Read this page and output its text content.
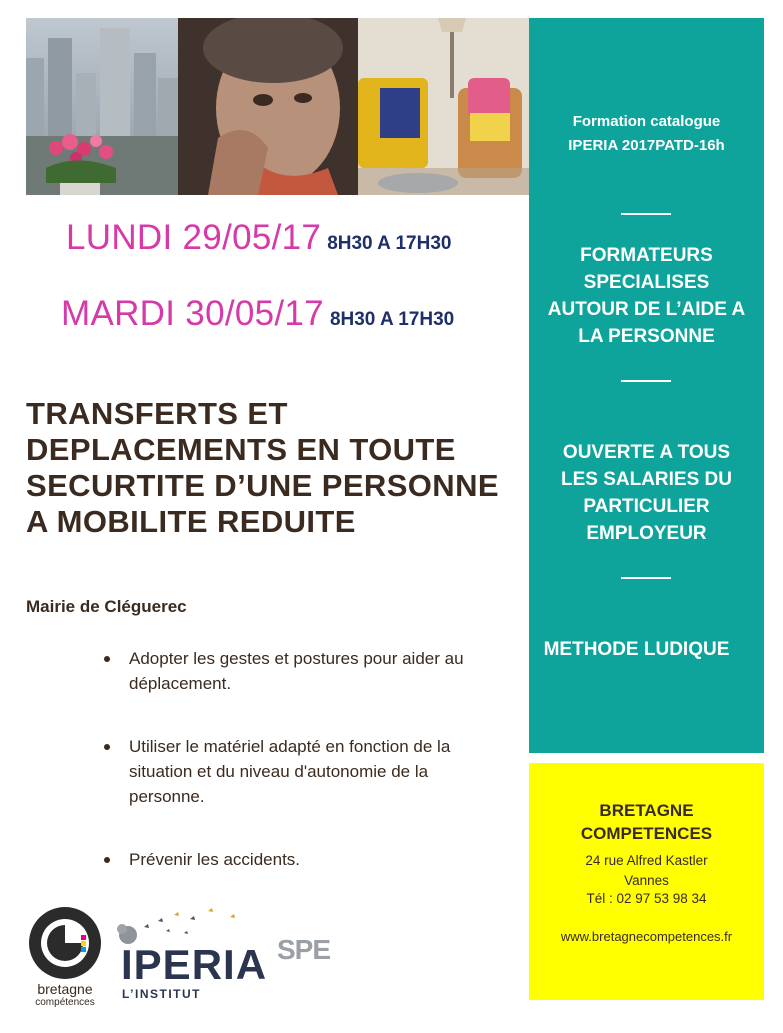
LUNDI 29/05/17 8H30 A 17H30
MARDI 30/05/17 8H30 A 17H30
TRANSFERTS ET
DEPLACEMENTS EN TOUTE
SECURTITE D’UNE PERSONNE
A MOBILITE REDUITE
Mairie de Cléguerec
Adopter les gestes et postures pour aider au
déplacement.
Utiliser le matériel adapté en fonction de la
situation et du niveau d'autonomie de la
personne.
Prévenir les accidents.
Formation catalogue
IPERIA 2017PATD-16h
FORMATEURS
SPECIALISES
AUTOUR DE L’AIDE A
LA PERSONNE
OUVERTE A TOUS
LES SALARIES DU
PARTICULIER
EMPLOYEUR
METHODE LUDIQUE
BRETAGNE
COMPETENCES
24 rue Alfred Kastler
Vannes
Tél : 02 97 53 98 34
www.bretagnecompetences.fr
bretagne
compétences
IPERIA
L’INSTITUT
SPE
